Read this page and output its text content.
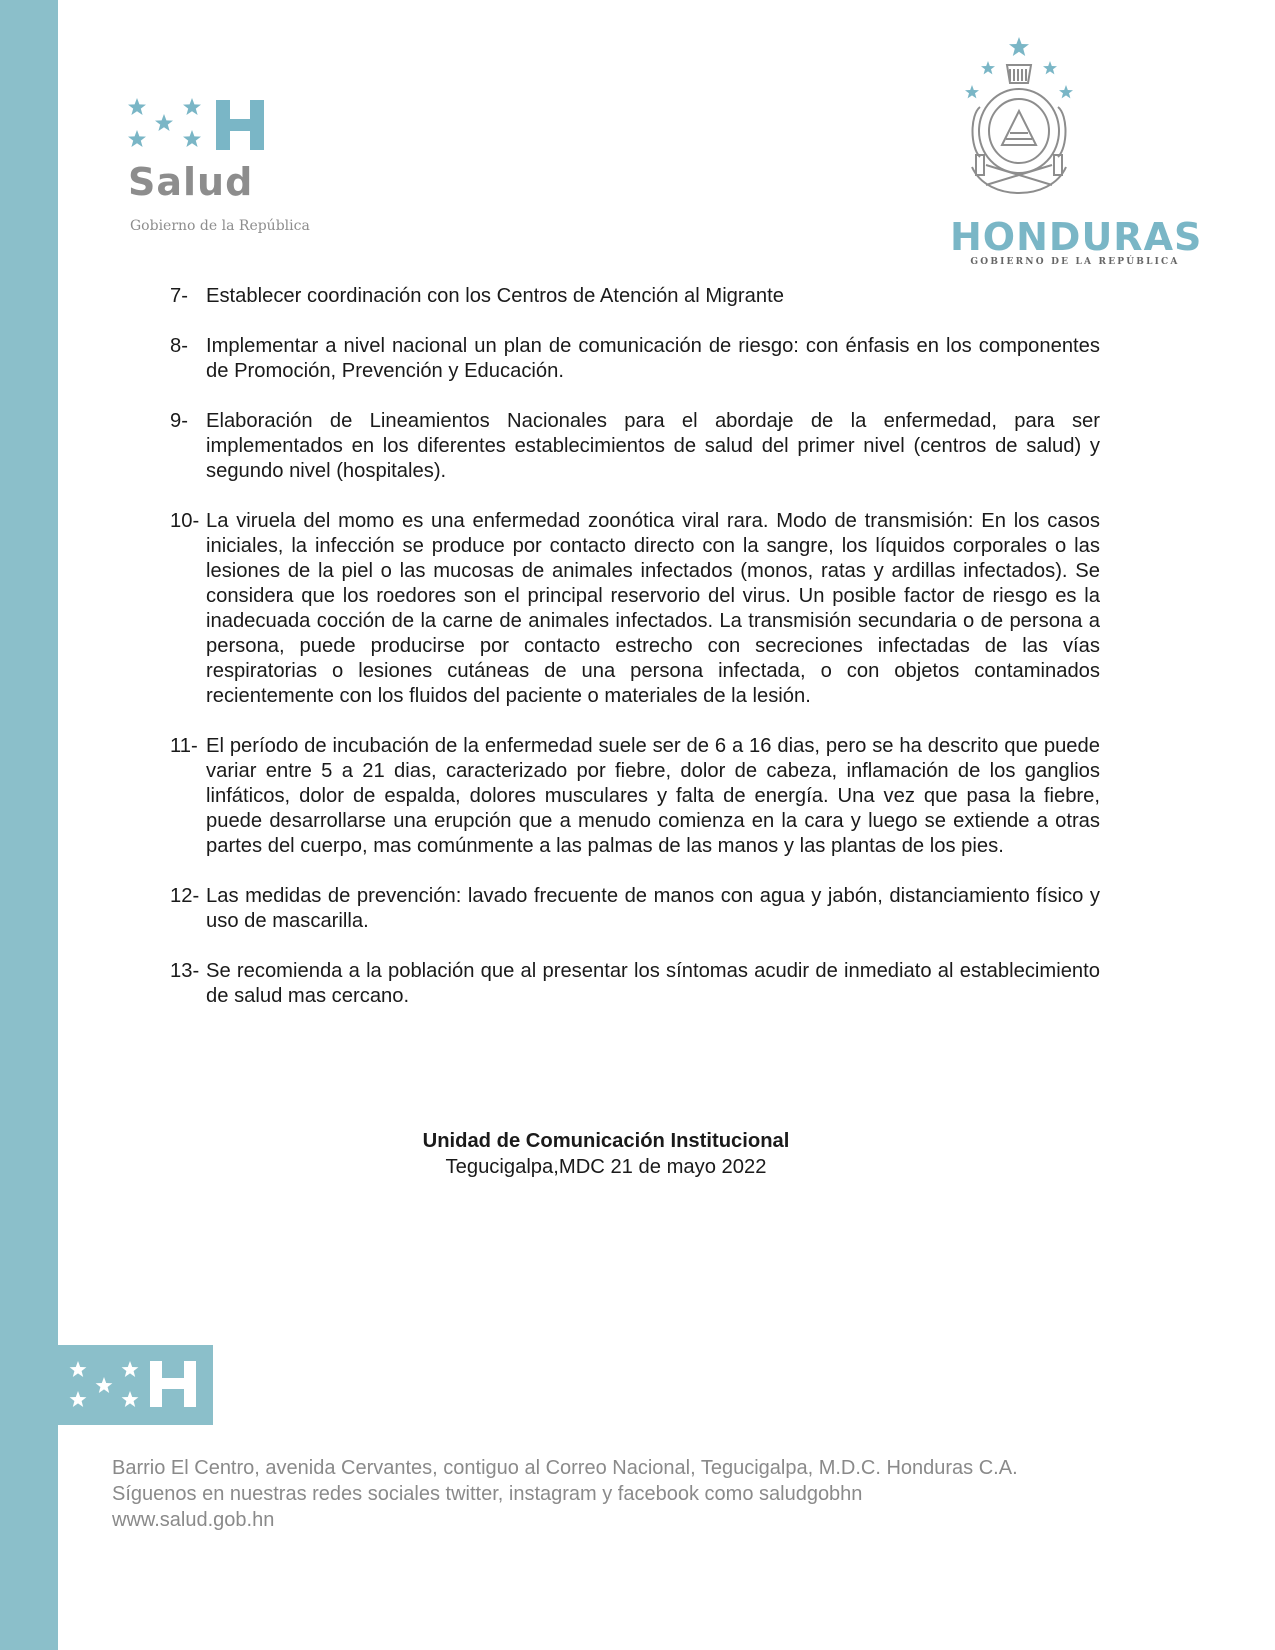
Salud
Gobierno de la República	HONDURAS
GOBIERNO DE LA REPÚBLICA
7- Establecer coordinación con los Centros de Atención al Migrante
8- Implementar a nivel nacional un plan de comunicación de riesgo: con énfasis en los componentes de Promoción, Prevención y Educación.
9- Elaboración de Lineamientos Nacionales para el abordaje de la enfermedad, para ser implementados en los diferentes establecimientos de salud del primer nivel (centros de salud) y segundo nivel (hospitales).
10- La viruela del momo es una enfermedad zoonótica viral rara. Modo de transmisión: En los casos iniciales, la infección se produce por contacto directo con la sangre, los líquidos corporales o las lesiones de la piel o las mucosas de animales infectados (monos, ratas y ardillas infectados). Se considera que los roedores son el principal reservorio del virus. Un posible factor de riesgo es la inadecuada cocción de la carne de animales infectados. La transmisión secundaria o de persona a persona, puede producirse por contacto estrecho con secreciones infectadas de las vías respiratorias o lesiones cutáneas de una persona infectada, o con objetos contaminados recientemente con los fluidos del paciente o materiales de la lesión.
11- El período de incubación de la enfermedad suele ser de 6 a 16 dias, pero se ha descrito que puede variar entre 5 a 21 dias, caracterizado por fiebre, dolor de cabeza, inflamación de los ganglios linfáticos, dolor de espalda, dolores musculares y falta de energía. Una vez que pasa la fiebre, puede desarrollarse una erupción que a menudo comienza en la cara y luego se extiende a otras partes del cuerpo, mas comúnmente a las palmas de las manos y las plantas de los pies.
12- Las medidas de prevención: lavado frecuente de manos con agua y jabón, distanciamiento físico y uso de mascarilla.
13- Se recomienda a la población que al presentar los síntomas acudir de inmediato al establecimiento de salud mas cercano.
Unidad de Comunicación Institucional
Tegucigalpa,MDC 21 de mayo 2022
Barrio El Centro, avenida Cervantes, contiguo al Correo Nacional, Tegucigalpa, M.D.C. Honduras C.A.
Síguenos en nuestras redes sociales twitter, instagram y facebook como saludgobhn
www.salud.gob.hn
